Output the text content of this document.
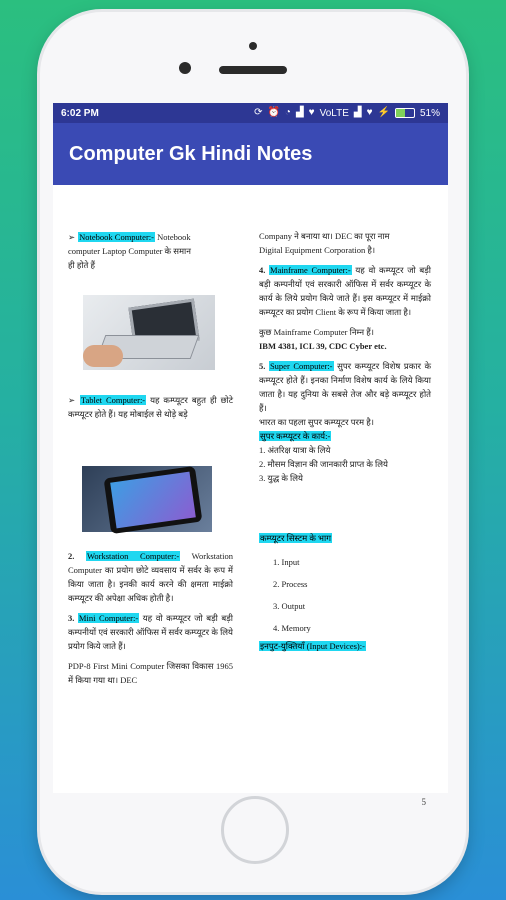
6:02 PM	⟳ ⏰ ◔ ▟ ♥ VoLTE ▟ ♥ ⚡	51%
Computer Gk Hindi Notes

➢ Notebook Computer:- Notebook
computer Laptop Computer के समान
ही होते हैं

➢ Tablet Computer:- यह कम्प्यूटर बहुत ही छोटे कम्प्यूटर होते हैं। यह मोबाईल से थोड़े बड़े

2. Workstation Computer:- Workstation Computer का प्रयोग छोटे व्यवसाय में सर्वर के रूप में किया जाता है। इनकी कार्य करने की क्षमता माईक्रो कम्प्यूटर की अपेक्षा अधिक होती है।

3. Mini Computer:- यह वो कम्प्यूटर जो बड़ी बड़ी कम्पनीयों एवं सरकारी ऑफिस में सर्वर कम्प्यूटर के लिये प्रयोग किये जाते हैं।

PDP-8 First Mini Computer जिसका विकास 1965 में किया गया था। DEC

Company ने बनाया था। DEC का पूरा नाम
Digital Equipment Corporation है।

4. Mainframe Computer:- यह वो कम्प्यूटर जो बड़ी बड़ी कम्पनीयों एवं सरकारी ऑफिस में सर्वर कम्प्यूटर के कार्य के लिये प्रयोग किये जाते हैं। इस कम्प्यूटर में माईक्रो कम्प्यूटर का प्रयोग Client के रूप में किया जाता है।

कुछ Mainframe Computer निम्न हैं।
IBM 4381, ICL 39, CDC Cyber etc.

5. Super Computer:- सुपर कम्प्यूटर विशेष प्रकार के कम्प्यूटर होते हैं। इनका निर्माण विशेष कार्य के लिये किया जाता है। यह दुनिया के सबसे तेज और बड़े कम्प्यूटर होते हैं।
भारत का पहला सुपर कम्प्यूटर परम है।
सुपर कम्प्यूटर के कार्य:-
1. अंतरिक्ष यात्रा के लिये
2. मौसम विज्ञान की जानकारी प्राप्त के लिये
3. युद्ध के लिये

कम्प्यूटर सिस्टम के भाग

1. Input
2. Process
3. Output
4. Memory

इनपुट-युक्तियाँ (Input Devices):-

5
